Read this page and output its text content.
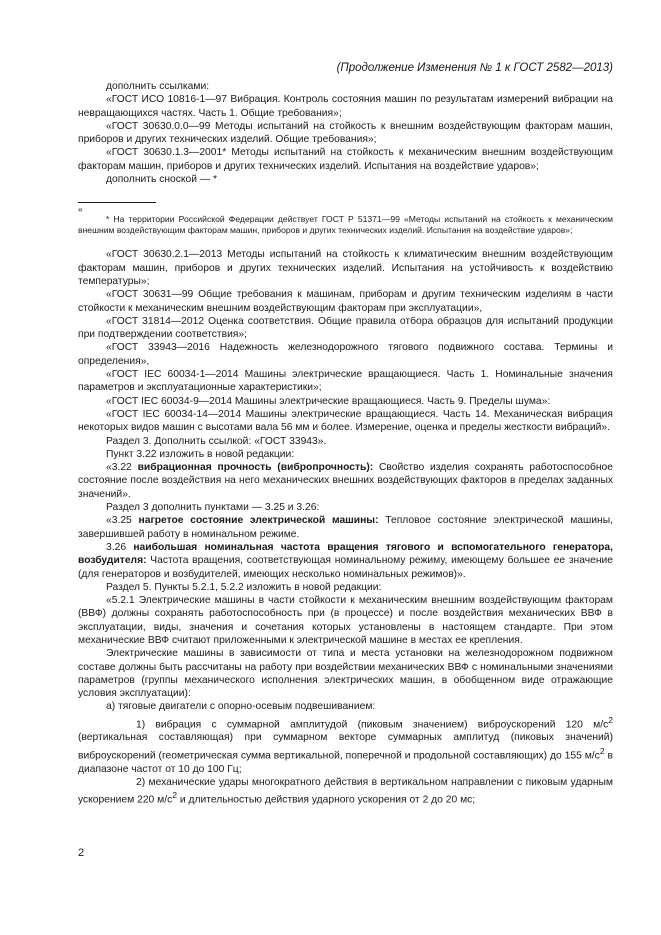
(Продолжение Изменения № 1 к ГОСТ 2582—2013)

дополнить ссылками:

«ГОСТ ИСО 10816-1—97 Вибрация. Контроль состояния машин по результатам измерений вибрации на невращающихся частях. Часть 1. Общие требования»;

«ГОСТ 30630.0.0—99 Методы испытаний на стойкость к внешним воздействующим факторам машин, приборов и других технических изделий. Общие требования»;

«ГОСТ 30630.1.3—2001* Методы испытаний на стойкость к механическим внешним воздействующим факторам машин, приборов и других технических изделий. Испытания на воздействие ударов»;

дополнить сноской — *

«

* На территории Российской Федерации действует ГОСТ Р 51371—99 «Методы испытаний на стойкость к механическим внешним воздействующим факторам машин, приборов и других технических изделий. Испытания на воздействие ударов»;

«ГОСТ 30630.2.1—2013 Методы испытаний на стойкость к климатическим внешним воздействующим факторам машин, приборов и других технических изделий. Испытания на устойчивость к воздействию температуры»;

«ГОСТ 30631—99 Общие требования к машинам, приборам и другим техническим изделиям в части стойкости к механическим внешним воздействующим факторам при эксплуатации»,

«ГОСТ 31814—2012 Оценка соответствия. Общие правила отбора образцов для испытаний продукции при подтверждении соответствия»;

«ГОСТ 33943—2016 Надежность железнодорожного тягового подвижного состава. Термины и определения»,

«ГОСТ IEC 60034-1—2014 Машины электрические вращающиеся. Часть 1. Номинальные значения параметров и эксплуатационные характеристики»;

«ГОСТ IEC 60034-9—2014 Машины электрические вращающиеся. Часть 9. Пределы шума»:

«ГОСТ IEC 60034-14—2014 Машины электрические вращающиеся. Часть 14. Механическая вибрация некоторых видов машин с высотами вала 56 мм и более. Измерение, оценка и пределы жесткости вибраций».

Раздел 3. Дополнить ссылкой: «ГОСТ 33943».

Пункт 3.22 изложить в новой редакции:

«3.22 вибрационная прочность (вибропрочность): Свойство изделия сохранять работоспособное состояние после воздействия на него механических внешних воздействующих факторов в пределах заданных значений».

Раздел 3 дополнить пунктами — 3.25 и 3.26:

«3.25 нагретое состояние электрической машины: Тепловое состояние электрической машины, завершившей работу в номинальном режиме.

3.26 наибольшая номинальная частота вращения тягового и вспомогательного генератора, возбудителя: Частота вращения, соответствующая номинальному режиму, имеющему большее ее значение (для генераторов и возбудителей, имеющих несколько номинальных режимов)».

Раздел 5. Пункты 5.2.1, 5.2.2 изложить в новой редакции:

«5.2.1 Электрические машины в части стойкости к механическим внешним воздействующим факторам (ВВФ) должны сохранять работоспособность при (в процессе) и после воздействия механических ВВФ в эксплуатации, виды, значения и сочетания которых установлены в настоящем стандарте. При этом механические ВВФ считают приложенными к электрической машине в местах ее крепления.

Электрические машины в зависимости от типа и места установки на железнодорожном подвижном составе должны быть рассчитаны на работу при воздействии механических ВВФ с номинальными значениями параметров (группы механического исполнения электрических машин, в обобщенном виде отражающие условия эксплуатации):

а) тяговые двигатели с опорно-осевым подвешиванием:

1) вибрация с суммарной амплитудой (пиковым значением) виброускорений 120 $м/с^2$ (вертикальная составляющая) при суммарном векторе суммарных амплитуд (пиковых значений) виброускорений (геометрическая сумма вертикальной, поперечной и продольной составляющих) до 155 $м/с^2$ в диапазоне частот от 10 до 100 Гц;

2) механические удары многократного действия в вертикальном направлении с пиковым ударным ускорением 220 $м/с^2$ и длительностью действия ударного ускорения от 2 до 20 мс;

2
